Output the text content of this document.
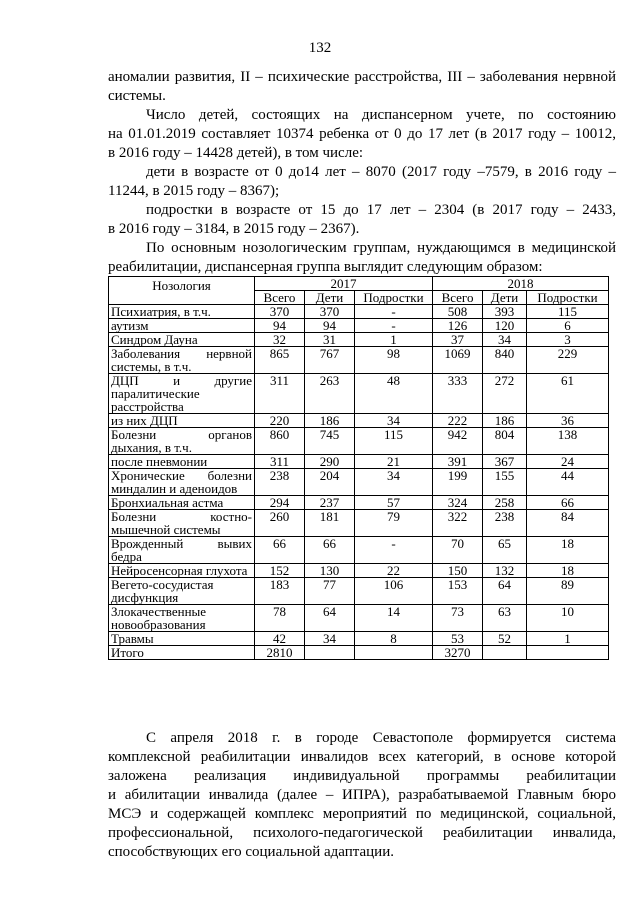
132
аномалии развития, II – психические расстройства, III – заболевания нервной
системы.
Число детей, состоящих на диспансерном учете, по состоянию
на 01.01.2019 составляет 10374 ребенка от 0 до 17 лет (в 2017 году – 10012,
в 2016 году – 14428 детей), в том числе:
дети в возрасте от 0 до14 лет – 8070 (2017 году –7579, в 2016 году –
11244, в 2015 году – 8367);
подростки в возрасте от 15 до 17 лет – 2304 (в 2017 году – 2433,
в 2016 году – 3184, в 2015 году – 2367).
По основным нозологическим группам, нуждающимся в медицинской
реабилитации, диспансерная группа выглядит следующим образом:
Нозология	2017			2018		
	Всего	Дети	Подростки	Всего	Дети	Подростки
Психиатрия, в т.ч.	370	370	-	508	393	115
аутизм	94	94	-	126	120	6
Синдром Дауна	32	31	1	37	34	3
Заболевания нервной системы, в т.ч.	865	767	98	1069	840	229
ДЦП и другие паралитические расстройства	311	263	48	333	272	61
из них ДЦП	220	186	34	222	186	36
Болезни органов дыхания, в т.ч.	860	745	115	942	804	138
после пневмонии	311	290	21	391	367	24
Хронические болезни миндалин и аденоидов	238	204	34	199	155	44
Бронхиальная астма	294	237	57	324	258	66
Болезни костно-мышечной системы	260	181	79	322	238	84
Врожденный вывих бедра	66	66	-	70	65	18
Нейросенсорная глухота	152	130	22	150	132	18
Вегето-сосудистая дисфункция	183	77	106	153	64	89
Злокачественные новообразования	78	64	14	73	63	10
Травмы	42	34	8	53	52	1
Итого	2810			3270		
С апреля 2018 г. в городе Севастополе формируется система
комплексной реабилитации инвалидов всех категорий, в основе которой
заложена реализация индивидуальной программы реабилитации
и абилитации инвалида (далее – ИПРА), разрабатываемой Главным бюро
МСЭ и содержащей комплекс мероприятий по медицинской, социальной,
профессиональной, психолого-педагогической реабилитации инвалида,
способствующих его социальной адаптации.
